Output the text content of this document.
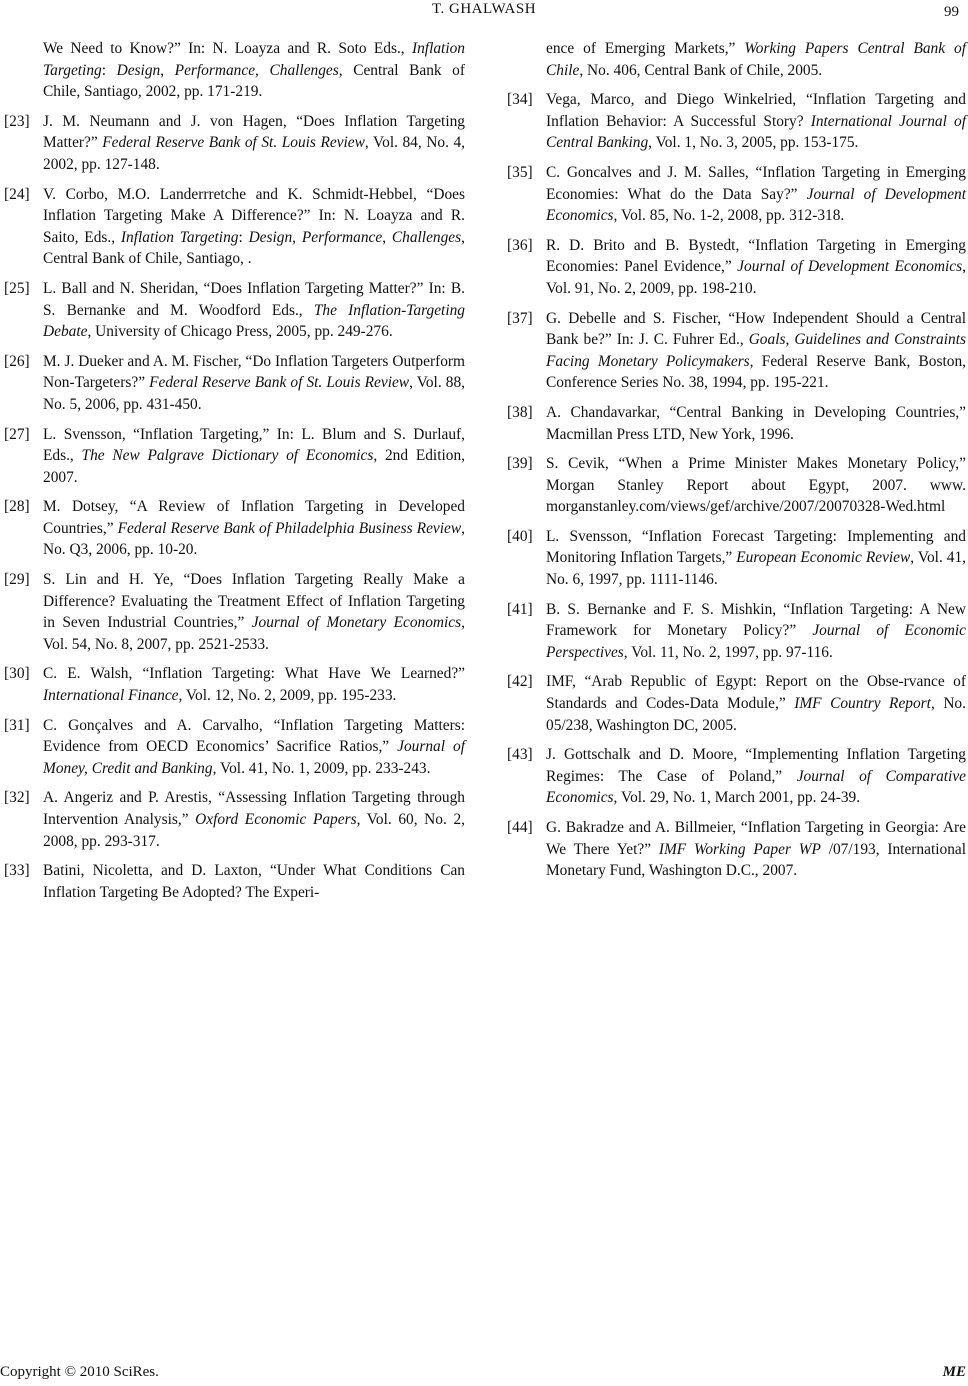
T. GHALWASH	99
We Need to Know?” In: N. Loayza and R. Soto Eds., Inflation Targeting: Design, Performance, Challenges, Central Bank of Chile, Santiago, 2002, pp. 171-219.
[23] J. M. Neumann and J. von Hagen, “Does Inflation Targeting Matter?” Federal Reserve Bank of St. Louis Review, Vol. 84, No. 4, 2002, pp. 127-148.
[24] V. Corbo, M.O. Landerrretche and K. Schmidt-Hebbel, “Does Inflation Targeting Make A Difference?” In: N. Loayza and R. Saito, Eds., Inflation Targeting: Design, Performance, Challenges, Central Bank of Chile, Santiago, .
[25] L. Ball and N. Sheridan, “Does Inflation Targeting Matter?” In: B. S. Bernanke and M. Woodford Eds., The Inflation-Targeting Debate, University of Chicago Press, 2005, pp. 249-276.
[26] M. J. Dueker and A. M. Fischer, “Do Inflation Targeters Outperform Non-Targeters?” Federal Reserve Bank of St. Louis Review, Vol. 88, No. 5, 2006, pp. 431-450.
[27] L. Svensson, “Inflation Targeting,” In: L. Blum and S. Durlauf, Eds., The New Palgrave Dictionary of Economics, 2nd Edition, 2007.
[28] M. Dotsey, “A Review of Inflation Targeting in Developed Countries,” Federal Reserve Bank of Philadelphia Business Review, No. Q3, 2006, pp. 10-20.
[29] S. Lin and H. Ye, “Does Inflation Targeting Really Make a Difference? Evaluating the Treatment Effect of Inflation Targeting in Seven Industrial Countries,” Journal of Monetary Economics, Vol. 54, No. 8, 2007, pp. 2521-2533.
[30] C. E. Walsh, “Inflation Targeting: What Have We Learned?” International Finance, Vol. 12, No. 2, 2009, pp. 195-233.
[31] C. Gonçalves and A. Carvalho, “Inflation Targeting Matters: Evidence from OECD Economics’ Sacrifice Ratios,” Journal of Money, Credit and Banking, Vol. 41, No. 1, 2009, pp. 233-243.
[32] A. Angeriz and P. Arestis, “Assessing Inflation Targeting through Intervention Analysis,” Oxford Economic Papers, Vol. 60, No. 2, 2008, pp. 293-317.
[33] Batini, Nicoletta, and D. Laxton, “Under What Conditions Can Inflation Targeting Be Adopted? The Experi-
ence of Emerging Markets,” Working Papers Central Bank of Chile, No. 406, Central Bank of Chile, 2005.
[34] Vega, Marco, and Diego Winkelried, “Inflation Targeting and Inflation Behavior: A Successful Story? International Journal of Central Banking, Vol. 1, No. 3, 2005, pp. 153-175.
[35] C. Goncalves and J. M. Salles, “Inflation Targeting in Emerging Economies: What do the Data Say?” Journal of Development Economics, Vol. 85, No. 1-2, 2008, pp. 312-318.
[36] R. D. Brito and B. Bystedt, “Inflation Targeting in Emerging Economies: Panel Evidence,” Journal of Development Economics, Vol. 91, No. 2, 2009, pp. 198-210.
[37] G. Debelle and S. Fischer, “How Independent Should a Central Bank be?” In: J. C. Fuhrer Ed., Goals, Guidelines and Constraints Facing Monetary Policymakers, Federal Reserve Bank, Boston, Conference Series No. 38, 1994, pp. 195-221.
[38] A. Chandavarkar, “Central Banking in Developing Countries,” Macmillan Press LTD, New York, 1996.
[39] S. Cevik, “When a Prime Minister Makes Monetary Policy,” Morgan Stanley Report about Egypt, 2007. www. morganstanley.com/views/gef/archive/2007/20070328-Wed.html
[40] L. Svensson, “Inflation Forecast Targeting: Implementing and Monitoring Inflation Targets,” European Economic Review, Vol. 41, No. 6, 1997, pp. 1111-1146.
[41] B. S. Bernanke and F. S. Mishkin, “Inflation Targeting: A New Framework for Monetary Policy?” Journal of Economic Perspectives, Vol. 11, No. 2, 1997, pp. 97-116.
[42] IMF, “Arab Republic of Egypt: Report on the Obse-rvance of Standards and Codes-Data Module,” IMF Country Report, No. 05/238, Washington DC, 2005.
[43] J. Gottschalk and D. Moore, “Implementing Inflation Targeting Regimes: The Case of Poland,” Journal of Comparative Economics, Vol. 29, No. 1, March 2001, pp. 24-39.
[44] G. Bakradze and A. Billmeier, “Inflation Targeting in Georgia: Are We There Yet?” IMF Working Paper WP /07/193, International Monetary Fund, Washington D.C., 2007.
Copyright © 2010 SciRes.	ME
